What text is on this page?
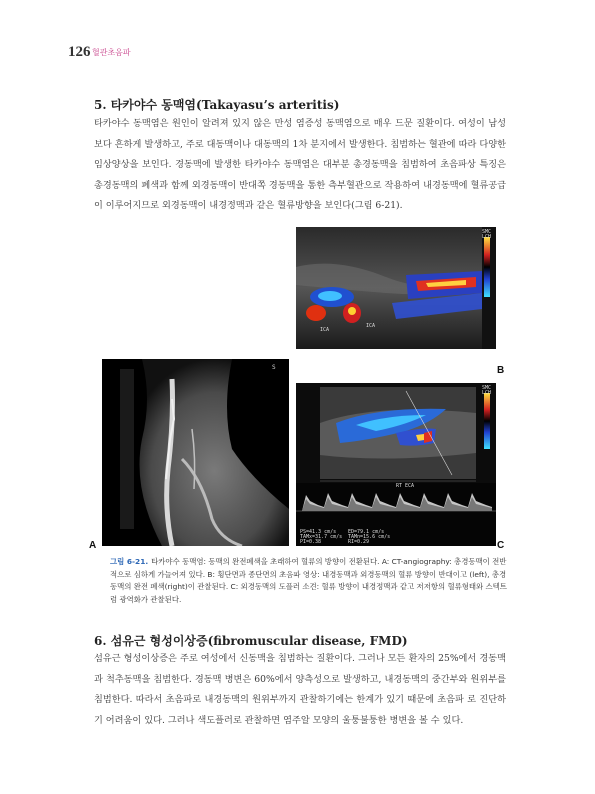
126 혈관초음파
5. 타카야수 동맥염(Takayasu’s arteritis)

타카야수 동맥염은 원인이 알려져 있지 않은 만성 염증성 동맥염으로 매우 드문 질환이다. 여성이 남성보다 흔하게 발생하고, 주로 대동맥이나 대동맥의 1차 분지에서 발생한다. 침범하는 혈관에 따라 다양한 임상양상을 보인다. 경동맥에 발생한 타카야수 동맥염은 대부분 총경동맥을 침범하여 초음파상 특징은 총경동맥의 폐색과 함께 외경동맥이 반대쪽 경동맥을 통한 측부혈관으로 작용하여 내경동맥에 혈류공급이 이루어지므로 외경동맥이 내경정맥과 같은 혈류방향을 보인다(그림 6-21).

SMC
LCH
ICA
ICA
B
S
A
SMC
LCH
RT ECA
PS=41.3 cm/s ED=79.1 cm/s
TAMx=31.7 cm/s TAMn=15.6 cm/s
PI=0.38	RI=0.29	C

그림 6-21. 타카야수 동맥염: 동맥의 완전폐색을 초래하여 혈류의 방향이 전환된다. A: CT-angiography: 총경동맥이 전반적으로 심하게 가늘어져 있다. B: 횡단면과 종단면의 초음파 영상: 내경동맥과 외경동맥의 혈류 방향이 반대이고 (left), 총경동맥의 완전 폐색(right)이 관찰된다. C: 외경동맥의 도플러 소견: 혈류 방향이 내경정맥과 같고 저저항의 혈류형태와 스텍트럼 광역화가 관찰된다.

6. 섬유근 형성이상증(fibromuscular disease, FMD)

섬유근 형성이상증은 주로 여성에서 신동맥을 침범하는 질환이다. 그러나 모든 환자의 25%에서 경동맥과 척추동맥을 침범한다. 경동맥 병변은 60%에서 양측성으로 발생하고, 내경동맥의 중간부와 원위부를 침범한다. 따라서 초음파로 내경동맥의 원위부까지 관찰하기에는 한계가 있기 때문에 초음파 로 진단하기 어려움이 있다. 그러나 색도플러로 관찰하면 염주알 모양의 울퉁불퉁한 병변을 볼 수 있다.
